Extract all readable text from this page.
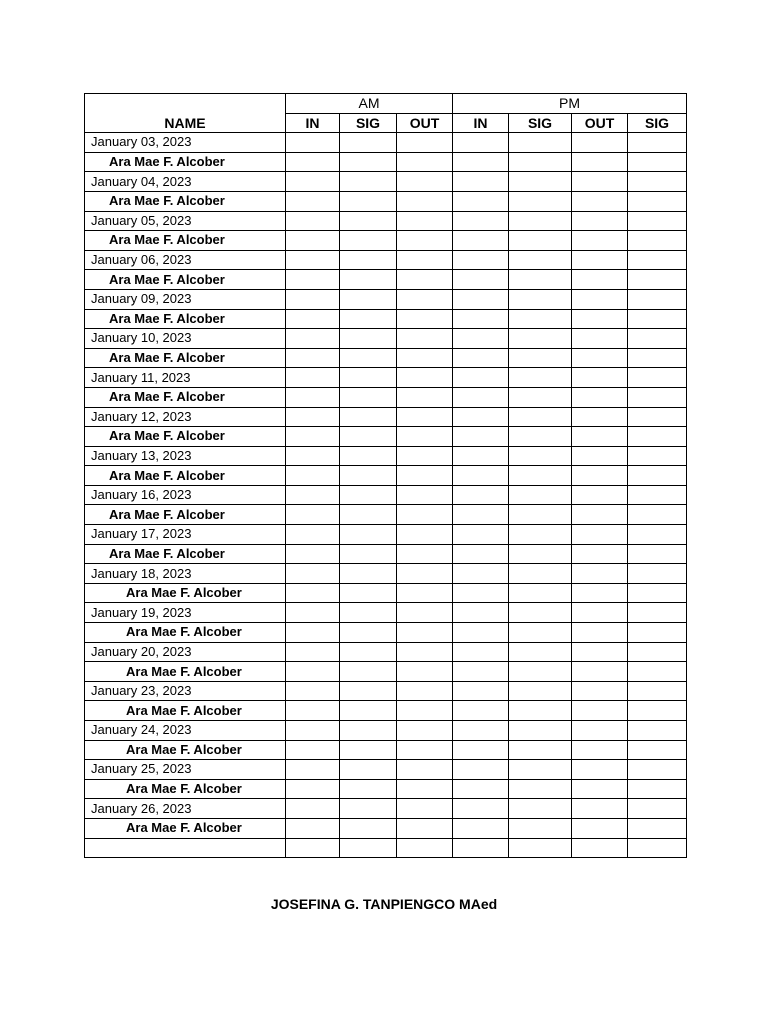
NAME	AM			PM			
	IN	SIG	OUT	IN	SIG	OUT	SIG
January 03, 2023							
Ara Mae F. Alcober							
January 04, 2023							
Ara Mae F. Alcober							
January 05, 2023							
Ara Mae F. Alcober							
January 06, 2023							
Ara Mae F. Alcober							
January 09, 2023							
Ara Mae F. Alcober							
January 10, 2023							
Ara Mae F. Alcober							
January 11, 2023							
Ara Mae F. Alcober							
January 12, 2023							
Ara Mae F. Alcober							
January 13, 2023							
Ara Mae F. Alcober							
January 16, 2023							
Ara Mae F. Alcober							
January 17, 2023							
Ara Mae F. Alcober							
January 18, 2023							
Ara Mae F. Alcober							
January 19, 2023							
Ara Mae F. Alcober							
January 20, 2023							
Ara Mae F. Alcober							
January 23, 2023							
Ara Mae F. Alcober							
January 24, 2023							
Ara Mae F. Alcober							
January 25, 2023							
Ara Mae F. Alcober							
January 26, 2023							
Ara Mae F. Alcober							

JOSEFINA G. TANPIENGCO MAed
